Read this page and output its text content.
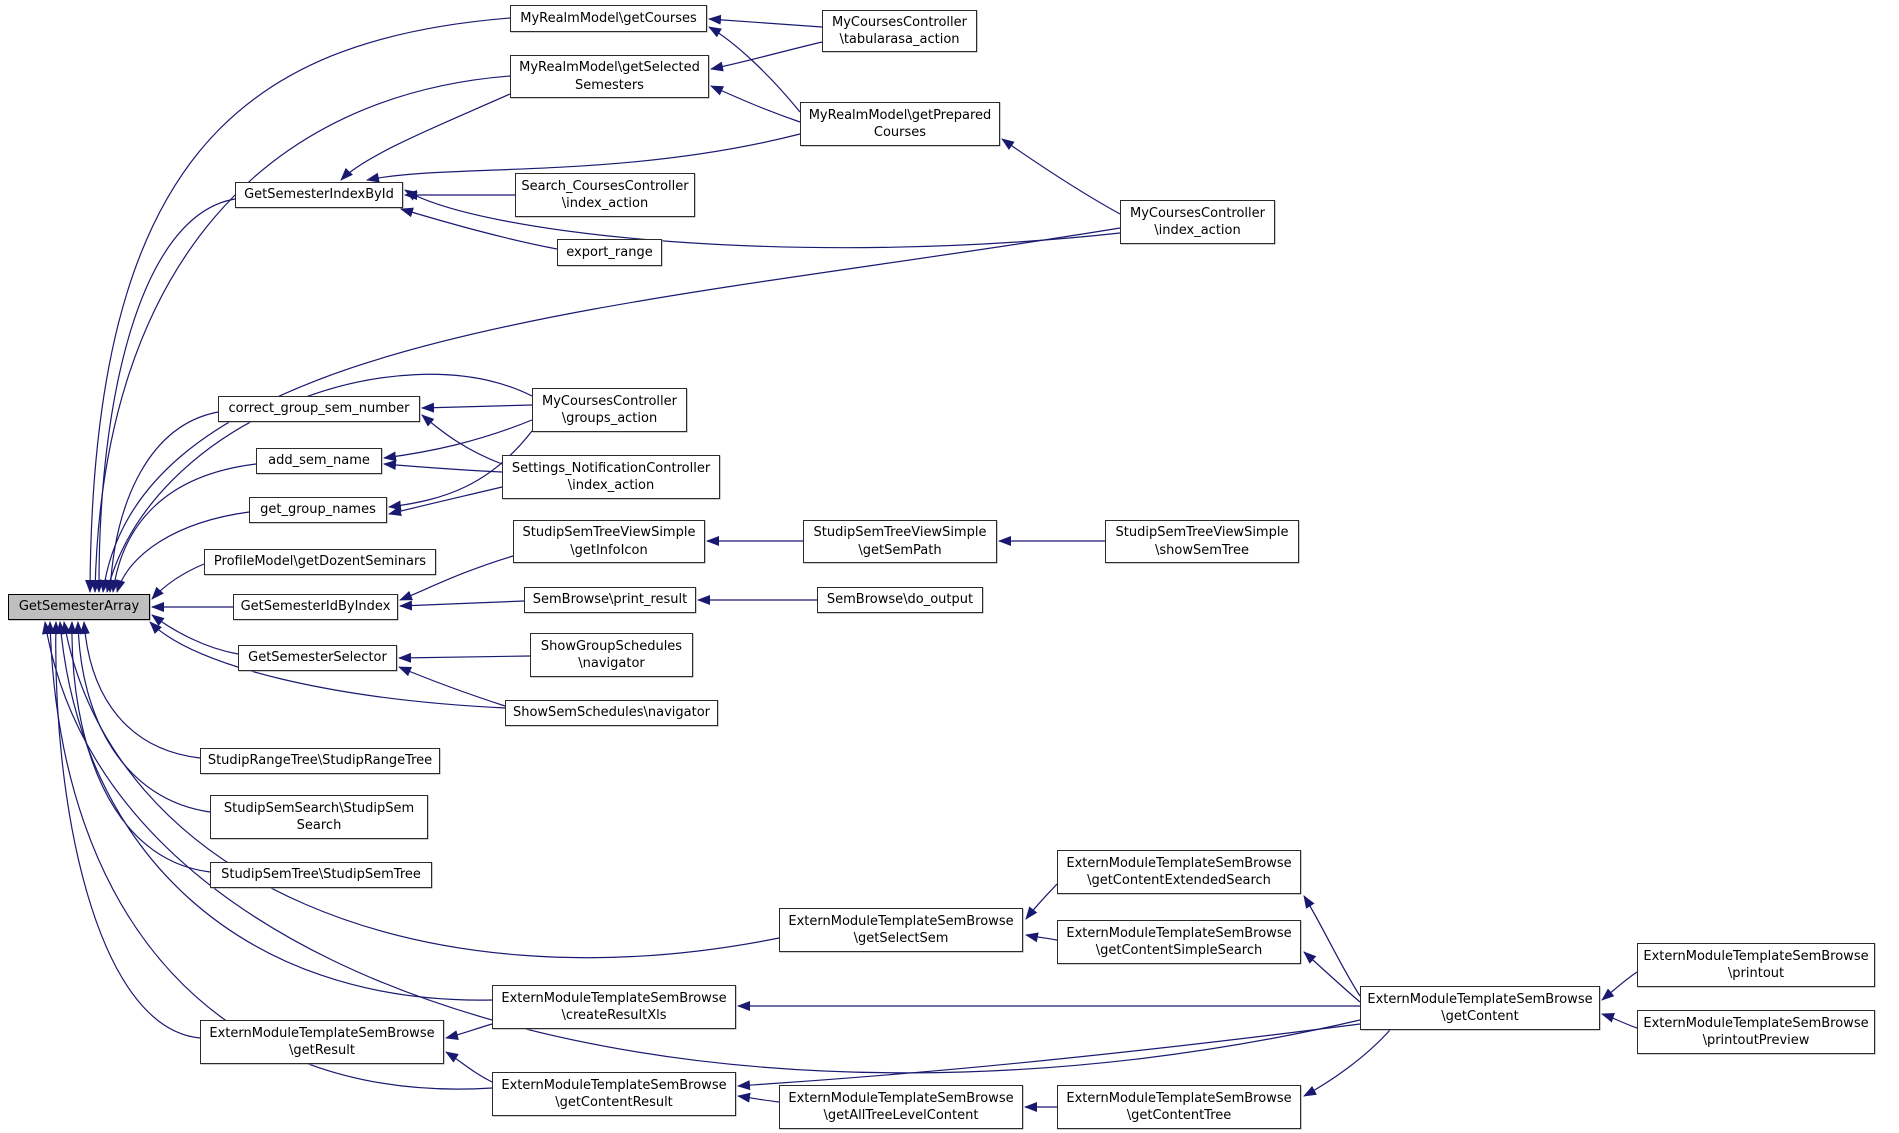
GetSemesterArray
MyRealmModel\getCourses	MyCoursesController
\tabularasa_action
MyRealmModel\getSelected
Semesters
MyRealmModel\getPrepared
Courses
GetSemesterIndexById
Search_CoursesController
\index_action
export_range
MyCoursesController
\index_action
correct_group_sem_number
MyCoursesController
\groups_action
add_sem_name	Settings_NotificationController
\index_action
get_group_names
StudipSemTreeViewSimple
\getInfoIcon
StudipSemTreeViewSimple
\getSemPath
StudipSemTreeViewSimple
\showSemTree
ProfileModel\getDozentSeminars
GetSemesterIdByIndex	SemBrowse\print_result	SemBrowse\do_output
GetSemesterSelector
ShowGroupSchedules
\navigator
ShowSemSchedules\navigator
StudipRangeTree\StudipRangeTree
StudipSemSearch\StudipSem
Search
StudipSemTree\StudipSemTree
ExternModuleTemplateSemBrowse
\getContentExtendedSearch
ExternModuleTemplateSemBrowse
\getSelectSem	ExternModuleTemplateSemBrowse
\getContentSimpleSearch	ExternModuleTemplateSemBrowse
\printout
ExternModuleTemplateSemBrowse
\createResultXls
ExternModuleTemplateSemBrowse
\getContent	ExternModuleTemplateSemBrowse
\printoutPreview
ExternModuleTemplateSemBrowse
\getResult
ExternModuleTemplateSemBrowse
\getContentResult	ExternModuleTemplateSemBrowse
\getAllTreeLevelContent
ExternModuleTemplateSemBrowse
\getContentTree
